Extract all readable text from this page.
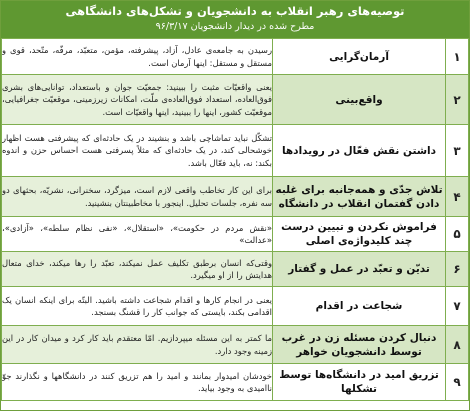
توصیه‌های رهبر انقلاب به دانشجویان و تشکل‌های دانشگاهی
مطرح شده در دیدار دانشجویان ۹۶/۳/۱۷
۱	آرمان‌گرایی	رسیدن به جامعه‌ی عادل، آزاد، پیشرفته، مؤمن، متعبّد، مرفّه، متّحد، قوی و مستقل و مستقل: اینها آرمان است.
۲	واقع‌بینی	یعنی واقعیّات مثبت را ببینید: جمعیّت جوان و باستعداد، توانایی‌های بشری فوق‌العاده، استعداد فوق‌العاده‌ی ملّت، امکانات زیرزمینی، موقعیّت جغرافیایی، موقعیّت کشور، اینها را ببینید، اینها واقعیّات است.
۳	داشتن نقش فعّال در رویدادها	تشکّل نباید تماشاچی باشد و بنشیند در یک حادثه‌ای که پیشرفتی هست اظهار خوشحالی کند، در یک حادثه‌ای که مثلاً پسرفتی هست احساس حزن و اندوه بکند: نه، باید فعّال باشد.
۴	تلاش جدّی و همه‌جانبه برای غلبه دادن گفتمان انقلاب در دانشگاه	برای این کار تخاطب واقعی لازم است، میزگرد، سخنرانی، نشریّه، بحثهای دو سه نفره، جلسات تحلیل. اینجور با مخاطبینتان بنشینید.
۵	فراموش نکردن و تبیین درست چند کلیدواژه‌ی اصلی	«نقش مردم در حکومت»، «استقلال»، «نفی نظام سلطه»، «آزادی»، «عدالت»
۶	تدیّن و تعبّد در عمل و گفتار	وقتی‌که انسان برطبق تکلیف عمل نمیکند، تعبّد را رها میکند، خدای متعال هدایتش را از او میگیرد.
۷	شجاعت در اقدام	یعنی در انجام کارها و اقدام شجاعت داشته باشید. البتّه برای اینکه انسان یک اقدامی بکند، بایستی که جوانب کار را قشنگ بسنجد.
۸	دنبال کردن مسئله زن در غرب توسط دانشجویان خواهر	ما کمتر به این مسئله میپردازیم. امّا معتقدم باید کار کرد و میدان کار در این زمینه وجود دارد.
۹	تزریق امید در دانشگاه‌ها توسط تشکلها	خودشان امیدوار بمانند و امید را هم تزریق کنند در دانشگاهها و نگذارند جوّ ناامیدی به وجود بیاید.
